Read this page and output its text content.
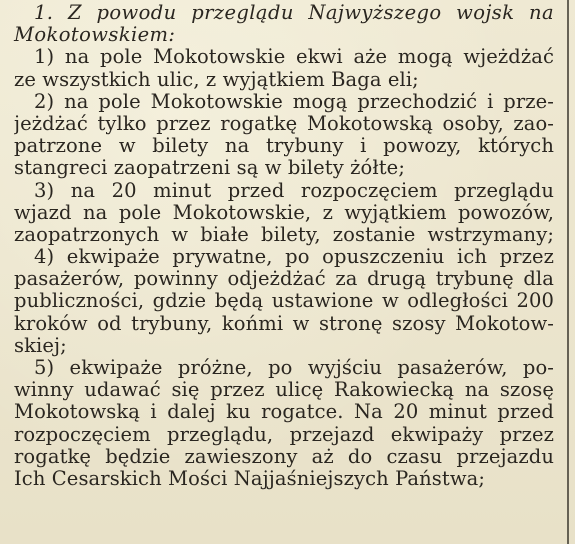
1. Z powodu przeglądu Najwyższego wojsk na
Mokotowskiem:
1) na pole Mokotowskie ekwi aże mogą wjeżdżać
ze wszystkich ulic, z wyjątkiem Baga eli;
2) na pole Mokotowskie mogą przechodzić i prze-
jeżdżać tylko przez rogatkę Mokotowską osoby, zao-
patrzone w bilety na trybuny i powozy, których
stangreci zaopatrzeni są w bilety żółte;
3) na 20 minut przed rozpoczęciem przeglądu
wjazd na pole Mokotowskie, z wyjątkiem powozów,
zaopatrzonych w białe bilety, zostanie wstrzymany;
4) ekwipaże prywatne, po opuszczeniu ich przez
pasażerów, powinny odjeżdżać za drugą trybunę dla
publiczności, gdzie będą ustawione w odległości 200
kroków od trybuny, końmi w stronę szosy Mokotow-
skiej;
5) ekwipaże próżne, po wyjściu pasażerów, po-
winny udawać się przez ulicę Rakowiecką na szosę
Mokotowską i dalej ku rogatce. Na 20 minut przed
rozpoczęciem przeglądu, przejazd ekwipaży przez
rogatkę będzie zawieszony aż do czasu przejazdu
Ich Cesarskich Mości Najjaśniejszych Państwa;
